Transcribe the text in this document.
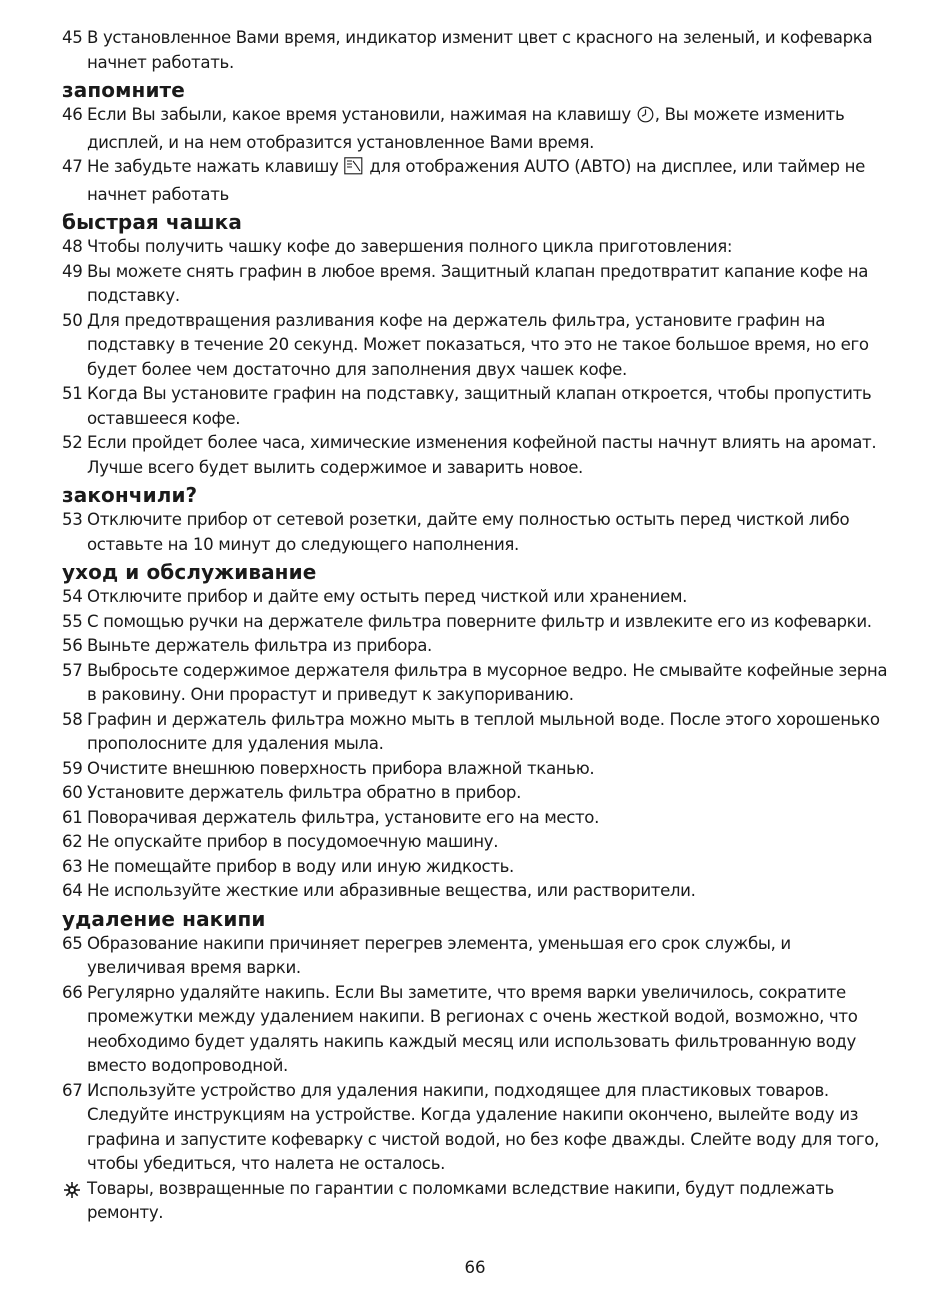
45 В установленное Вами время, индикатор изменит цвет с красного на зеленый, и кофеварка начнет работать.
запомните
46 Если Вы забыли, какое время установили, нажимая на клавишу , Вы можете изменить дисплей, и на нем отобразится установленное Вами время.
47 Не забудьте нажать клавишу  для отображения AUTO (АВТО) на дисплее, или таймер не начнет работать
быстрая чашка
48 Чтобы получить чашку кофе до завершения полного цикла приготовления:
49 Вы можете снять графин в любое время. Защитный клапан предотвратит капание кофе на подставку.
50 Для предотвращения разливания кофе на держатель фильтра, установите графин на подставку в течение 20 секунд. Может показаться, что это не такое большое время, но его будет более чем достаточно для заполнения двух чашек кофе.
51 Когда Вы установите графин на подставку, защитный клапан откроется, чтобы пропустить оставшееся кофе.
52 Если пройдет более часа, химические изменения кофейной пасты начнут влиять на аромат. Лучше всего будет вылить содержимое и заварить новое.
закончили?
53 Отключите прибор от сетевой розетки, дайте ему полностью остыть перед чисткой либо оставьте на 10 минут до следующего наполнения.
уход и обслуживание
54 Отключите прибор и дайте ему остыть перед чисткой или хранением.
55 С помощью ручки на держателе фильтра поверните фильтр и извлеките его из кофеварки.
56 Выньте держатель фильтра из прибора.
57 Выбросьте содержимое держателя фильтра в мусорное ведро. Не смывайте кофейные зерна в раковину. Они прорастут и приведут к закупориванию.
58 Графин и держатель фильтра можно мыть в теплой мыльной воде. После этого хорошенько прополосните для удаления мыла.
59 Очистите внешнюю поверхность прибора влажной тканью.
60 Установите держатель фильтра обратно в прибор.
61 Поворачивая держатель фильтра, установите его на место.
62 Не опускайте прибор в посудомоечную машину.
63 Не помещайте прибор в воду или иную жидкость.
64 Не используйте жесткие или абразивные вещества, или растворители.
удаление накипи
65 Образование накипи причиняет перегрев элемента, уменьшая его срок службы, и увеличивая время варки.
66 Регулярно удаляйте накипь. Если Вы заметите, что время варки увеличилось, сократите промежутки между удалением накипи. В регионах с очень жесткой водой, возможно, что необходимо будет удалять накипь каждый месяц или использовать фильтрованную воду вместо водопроводной.
67 Используйте устройство для удаления накипи, подходящее для пластиковых товаров. Следуйте инструкциям на устройстве. Когда удаление накипи окончено, вылейте воду из графина и запустите кофеварку с чистой водой, но без кофе дважды. Слейте воду для того, чтобы убедиться, что налета не осталось.
Товары, возвращенные по гарантии с поломками вследствие накипи, будут подлежать ремонту.
66
